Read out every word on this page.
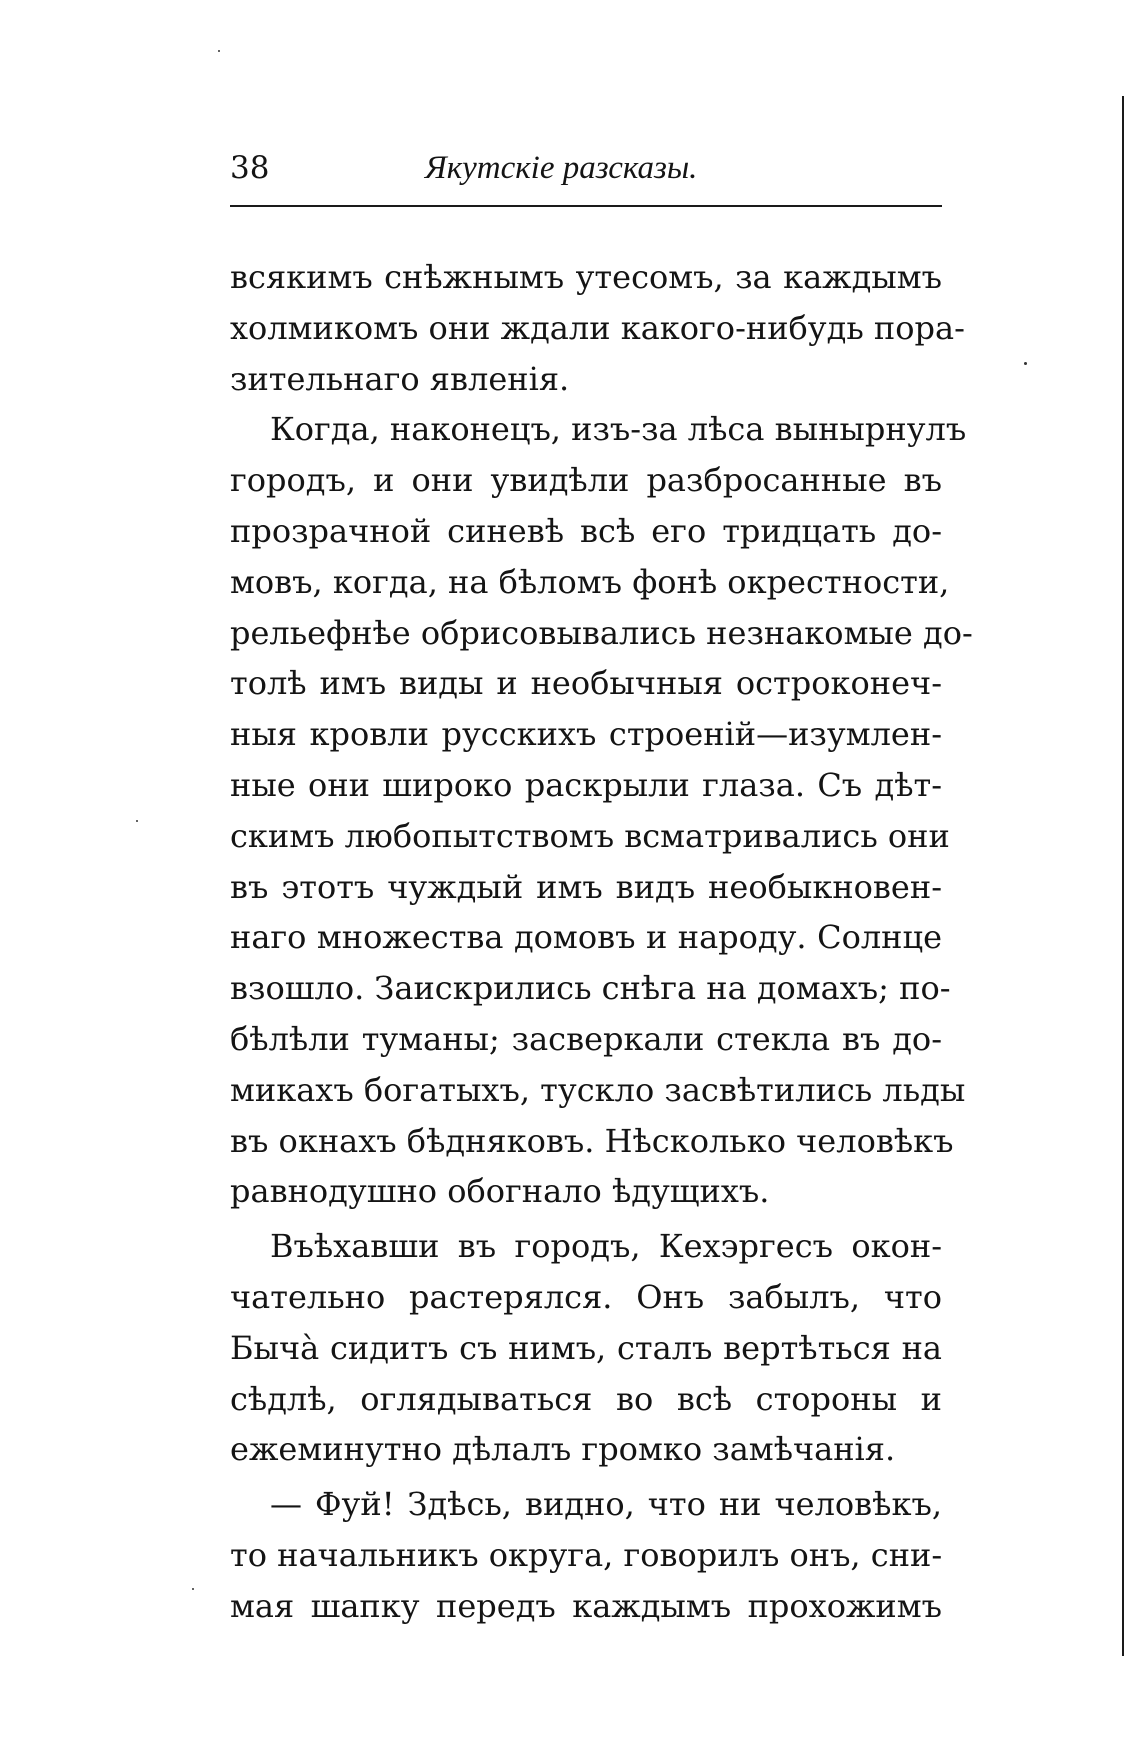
38	Якутскiе разсказы.
всякимъ снѣжнымъ утесомъ, за каждымъ
холмикомъ они ждали какого-нибудь пора-
зительнаго явленiя.
Когда, наконецъ, изъ-за лѣса вынырнулъ
городъ, и они увидѣли разбросанные въ
прозрачной синевѣ всѣ его тридцать до-
мовъ, когда, на бѣломъ фонѣ окрестности,
рельефнѣе обрисовывались незнакомые до-
толѣ имъ виды и необычныя остроконеч-
ныя кровли русскихъ строенiй—изумлен-
ные они широко раскрыли глаза. Съ дѣт-
скимъ любопытствомъ всматривались они
въ этотъ чуждый имъ видъ необыкновен-
наго множества домовъ и народу. Солнце
взошло. Заискрились снѣга на домахъ; по-
бѣлѣли туманы; засверкали стекла въ до-
микахъ богатыхъ, тускло засвѣтились льды
въ окнахъ бѣдняковъ. Нѣсколько человѣкъ
равнодушно обогнало ѣдущихъ.
Въѣхавши въ городъ, Кехэргесъ окон-
чательно растерялся. Онъ забылъ, что
Бычà сидитъ съ нимъ, сталъ вертѣться на
сѣдлѣ, оглядываться во всѣ стороны и
ежеминутно дѣлалъ громко замѣчанiя.
— Фуй! Здѣсь, видно, что ни человѣкъ,
то начальникъ округа, говорилъ онъ, сни-
мая шапку передъ каждымъ прохожимъ
